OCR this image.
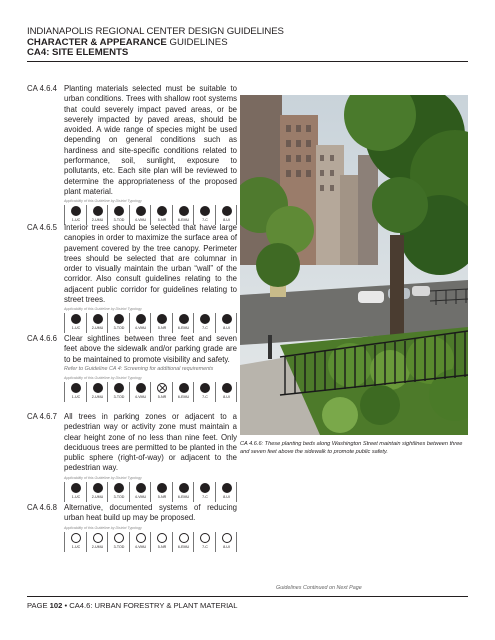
INDIANAPOLIS REGIONAL CENTER DESIGN GUIDELINES
CHARACTER & APPEARANCE GUIDELINES
CA4: SITE ELEMENTS
CA 4.6.4 Planting materials selected must be suitable to urban conditions. Trees with shallow root systems that could severely impact paved areas, or be severely impacted by paved areas, should be avoided. A wide range of species might be used depending on general conditions such as hardiness and site-specific conditions related to performance, soil, sunlight, exposure to pollutants, etc. Each site plan will be reviewed to determine the appropriateness of the proposed plant material.
Applicability of this Guideline by District Typology
1-UC	2-UMU	3-TOD	4-VMU	5-NR	6-EMU	7-C	8-UI
CA 4.6.5 Interior trees should be selected that have large canopies in order to maximize the surface area of pavement covered by the tree canopy. Perimeter trees should be selected that are columnar in order to visually maintain the urban “wall” of the corridor. Also consult guidelines relating to the adjacent public corridor for guidelines relating to street trees.
Applicability of this Guideline by District Typology
1-UC	2-UMU	3-TOD	4-VMU	5-NR	6-EMU	7-C	8-UI
CA 4.6.6 Clear sightlines between three feet and seven feet above the sidewalk and/or parking grade are to be maintained to promote visibility and safety.
Refer to Guideline CA 4: Screening for additional requirements
Applicability of this Guideline by District Typology
1-UC	2-UMU	3-TOD	4-VMU	5-NR	6-EMU	7-C	8-UI
CA 4.6.7 All trees in parking zones or adjacent to a pedestrian way or activity zone must maintain a clear height zone of no less than nine feet. Only deciduous trees are permitted to be planted in the public sphere (right-of-way) or adjacent to the pedestrian way.
Applicability of this Guideline by District Typology
1-UC	2-UMU	3-TOD	4-VMU	5-NR	6-EMU	7-C	8-UI
CA 4.6.8 Alternative, documented systems of reducing urban heat build up may be proposed.
Applicability of this Guideline by District Typology
1-UC	2-UMU	3-TOD	4-VMU	5-NR	6-EMU	7-C	8-UI
CA 4.6.6: These planting beds along Washington Street maintain sightlines between three and seven feet above the sidewalk to promote public safety.
Guidelines Continued on Next Page
PAGE 102 • CA4.6: URBAN FORESTRY & PLANT MATERIAL
